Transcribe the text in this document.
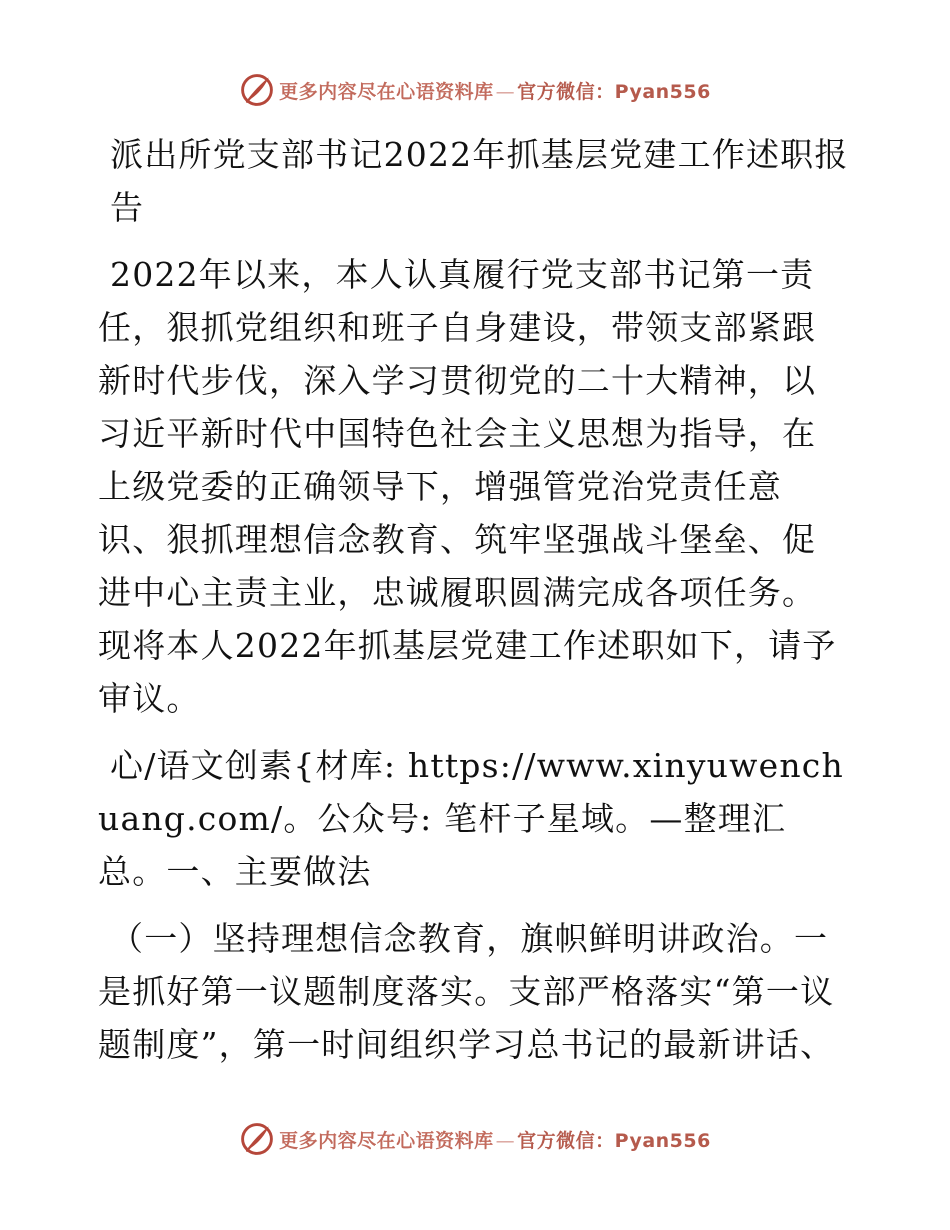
更多内容尽在心语资料库 — 官方微信：Pyan556

派出所党支部书记2022年抓基层党建工作述职报告

2022年以来，本人认真履行党支部书记第一责任，狠抓党组织和班子自身建设，带领支部紧跟新时代步伐，深入学习贯彻党的二十大精神，以习近平新时代中国特色社会主义思想为指导，在上级党委的正确领导下，增强管党治党责任意识、狠抓理想信念教育、筑牢坚强战斗堡垒、促进中心主责主业，忠诚履职圆满完成各项任务。现将本人2022年抓基层党建工作述职如下，请予审议。

心/语文创素{材库: https://www.xinyuwenchuang.com/。公众号: 笔杆子星域。—整理汇总。一、主要做法

（一）坚持理想信念教育，旗帜鲜明讲政治。一是抓好第一议题制度落实。支部严格落实“第一议题制度”，第一时间组织学习总书记的最新讲话、

更多内容尽在心语资料库 — 官方微信：Pyan556
